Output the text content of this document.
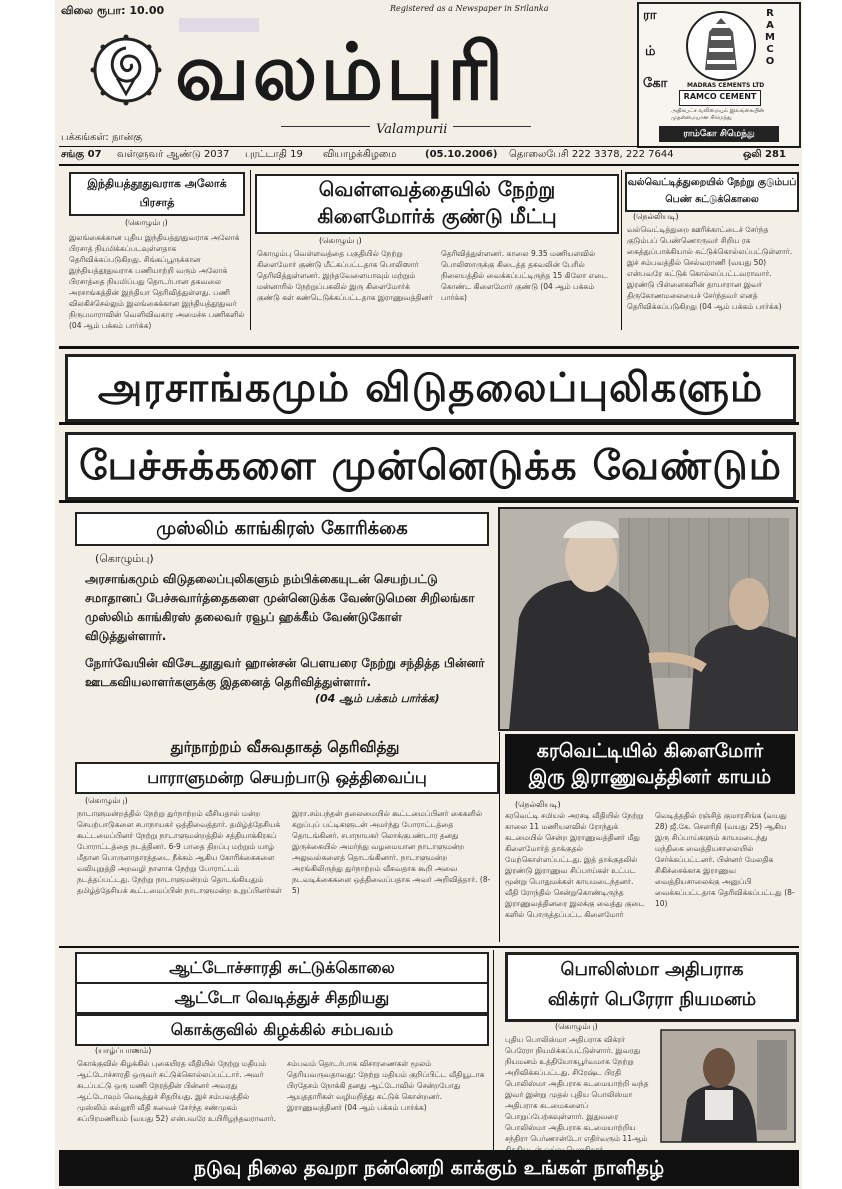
விலை ரூபா: 10.00	Registered as a Newspaper in Srilanka
வலம்புரி
Valampurii
பக்கங்கள்: நான்கு
ரா
ம்
கோ
RAMCO
MADRAS CEMENTS LTD
RAMCO CEMENT
அதிகபட்ச வலிமையும் இலங்கையின் முதன்மையான சிமெந்து
ராம்கோ சிமெந்து
சங்கு 07 வள்ளுவர் ஆண்டு 2037 புரட்டாதி 19 வியாழக்கிழமை	(05.10.2006) தொலைபேசி 222 3378, 222 7644	ஒலி 281
இந்தியத்தூதுவராக அலோக் பிரசாத்
(கொழும்பு)
இலங்கைக்கான புதிய இந்தியத்தூதுவராக அலோக் பிரசாத் நியமிக்கப்படவுள்ளதாக தெரிவிக்கப்படுகிறது. சிங்கப்பூருக்கான இந்தியத்தூதுவராக பணியாற்றி வரும் அலோக் பிரசாத்தை நியமிப்பது தொடர்பான தகவலை அரசாங்கத்தின் இந்தியா தெரிவித்துள்ளது. பணி விலகிச்செல்லும் இலங்கைக்கான இந்தியத்தூதுவர் நிருபமாராவின் வெளிவிவகார அமைச்சு பணிகளில் (04 ஆம் பக்கம் பார்க்க)
வெள்ளவத்தையில் நேற்று கிளைமோர்க் குண்டு மீட்பு
(கொழும்பு)
கொழும்பு வெள்ளவத்தை பகுதியில் நேற்று கிளைமோர் குண்டு மீட்கப்பட்டதாக பொலிஸார் தெரிவித்துள்ளனர். இந்தவேளையாவும் மற்றும் மன்னாரில் நேற்றுப்பகலில் இரு கிளைமோர்க் குண்டு கள் கண்டெடுக்கப்பட்டதாக இராணுவத்தினர் தெரிவித்துள்ளனர். காலை 9.35 மணியளவில் பொலிஸாருக்கு கிடைத்த தகவலின் பேரில் நிலையத்தில் வைக்கப்பட்டிருந்த 15 கிலோ எடை கொண்ட கிளைமோர் குண்டு (04 ஆம் பக்கம் பார்க்க)
வல்வெட்டித்துறையில் நேற்று குடும்பப் பெண் சுட்டுக்கொலை
(நெல்லியடி)
வல்வெட்டித்துறை ஊரிக்காட்டைச் சேர்ந்த குடும்பப் பெண்ணொருவர் சிறிய ரக கைத்துப்பாக்கியால் சுட்டுக்கொல்லப்பட்டுள்ளார். இச் சம்பவத்தில் செல்வராணி (வயது 50) என்பவரே சுட்டுக் கொல்லப்பட்டவராவார். இரண்டு பிள்ளைகளின் தாயாரான இவர் திருகோணமலையைச் சேர்ந்தவர் எனத் தெரிவிக்கப்படுகிறது (04 ஆம் பக்கம் பார்க்க)
அரசாங்கமும் விடுதலைப்புலிகளும்
பேச்சுக்களை முன்னெடுக்க வேண்டும்
முஸ்லிம் காங்கிரஸ் கோரிக்கை
(கொழும்பு)
அரசாங்கமும் விடுதலைப்புலிகளும் நம்பிக்கையுடன் செயற்பட்டு சமாதானப் பேச்சுவார்த்தைகளை முன்னெடுக்க வேண்டுமென சிறிலங்கா முஸ்லிம் காங்கிரஸ் தலைவர் ரவூப் ஹக்கீம் வேண்டுகோள் விடுத்துள்ளார்.
நோர்வேயின் விசேடதூதுவர் ஹான்சன் பௌயரை நேற்று சந்தித்த பின்னர் ஊடகவியலாளர்களுக்கு இதனைத் தெரிவித்துள்ளார்.
(04 ஆம் பக்கம் பார்க்க)
துர்நாற்றம் வீசுவதாகத் தெரிவித்து
பாராளுமன்ற செயற்பாடு ஒத்திவைப்பு
(கொழும்பு)
நாடாளுமன்றத்தில் நேற்று துர்நாற்றம் வீசியதால் மன்ற செயற்பாடுகளை சபாநாயகர் ஒத்திவைத்தார். தமிழ்த்தேசியக் கூட்டமைப்பினர் நேற்று நாடாளுமன்றத்தில் சத்தியாக்கிரகப் போராட்டத்தை நடத்தினர். 6-9 பாதை திறப்பு மற்றும் யாழ் மீதான பொருளாதாரத்தடை நீக்கம் ஆகிய கோரிக்கைகளை வலியுறுத்தி அறவழி நாளாக நேற்று போராட்டம் நடத்தப்பட்டது. நேற்று நாடாளுமன்றம் தொடங்கியதும் தமிழ்த்தேசியக் கூட்டமைப்பின் நாடாளுமன்ற உறுப்பினர்கள் இரா.சம்பந்தன் தலைமையில் கூட்டமைப்பினர் கைகளில் கறுப்புப் பட்டிகளுடன் அமர்ந்து போராட்டத்தை தொடங்கினர். சபாநாயகர் லொக்குபண்டார தனது இருக்கையில் அமர்ந்து வழமையான நாடாளுமன்ற அலுவல்களைத் தொடங்கினார். நாடாளுமன்ற அரங்கிலிருந்து துர்நாற்றம் வீசுவதாக கூறி அவை நடவடிக்கைகளை ஒத்திவைப்பதாக அவர் அறிவித்தார். (8-5)
கரவெட்டியில் கிளைமோர்
இரு இராணுவத்தினர் காயம்
(நெல்லியடி)
கரவெட்டி சமியல் அரசடி வீதியில் நேற்று காலை 11 மணியளவில் ரோந்துக் கடமையில் சென்ற இராணுவத்தினர் மீது கிளைமோர்த் தாக்குதல் மேற்கொள்ளப்பட்டது. இத் தாக்குதலில் இரண்டு இராணுவ சிப்பாய்கள் உட்பட மூன்று பொதுமக்கள் காயமடைந்தனர். வீதி ரோந்தில் சென்றுகொண்டிருந்த இராணுவத்தினரை இலக்கு வைத்து குடை களில் பொருத்தப்பட்ட கிளைமோர் வெடித்ததில் ரஞ்சித் குமாரசிங்க (வயது 28) ஜீ.கே. சௌரிநி (வயது 25) ஆகிய இரு சிப்பாய்களும் காயமடைந்து மந்திகை வைத்தியசாலையில் சேர்க்கப்பட்டனர். பின்னர் மேலதிக சிகிச்சைக்காக இராணுவ வைத்தியசாலைக்கு அனுப்பி வைக்கப்பட்டதாக தெரிவிக்கப்பட்டது (8-10)
ஆட்டோச்சாரதி சுட்டுக்கொலை
ஆட்டோ வெடித்துச் சிதறியது
கொக்குவில் கிழக்கில் சம்பவம்
(யாழ்ப்பாணம்)
கொக்குவில் கிழக்கில் புகையிரத வீதியில் நேற்று மதியம் ஆட்டோச்சாரதி ஒருவர் சுட்டுக்கொல்லப்பட்டார். அவர் சுடப்பட்டு ஒரு மணி நேரத்தின் பின்னர் அவரது ஆட்டோவும் வெடித்துச் சிதறியது. இச் சம்பவத்தில் முஸ்லிம் கல்லூரி வீதி சுவைச் சேர்ந்த சண்முகம் சுப்பிரமணியம் (வயது 52) என்பவரே உயிரிழந்தவராவார். சம்பவம் தொடர்பாக விசாரணைகள் மூலம் தெரியவருவதாவது: நேற்று மதியம் குறிப்பிட்ட வீதியூடாக பிரதேசம் நோக்கி தனது ஆட்டோவில் சென்றபோது ஆயுததாரிகள் வழிமறித்து சுட்டுக் கொன்றனர். இராணுவத்தினர் (04 ஆம் பக்கம் பார்க்க)
பொலிஸ்மா அதிபராக
விக்ரர் பெரேரா நியமனம்
(கொழும்பு)
புதிய பொலிஸ்மா அதிபராக விக்ரர் பெரேரா நியமிக்கப்பட்டுள்ளார். இவரது நியமனம் உத்தியோகபூர்வமாக நேற்று அறிவிக்கப்பட்டது. சிரேஷ்ட பிரதி பொலிஸ்மா அதிபராக கடமையாற்றி வந்த இவர் இன்று முதல் புதிய பொலிஸ்மா அதிபராக கடமைகளைப் பொறுப்பேற்கவுள்ளார். இதுவரை பொலிஸ்மா அதிபராக கடமையாற்றிய சந்திரா பெர்ணான்டோ எதிர்வரும் 11ஆம்
நடுவு நிலை தவறா நன்னெறி காக்கும் உங்கள் நாளிதழ்
